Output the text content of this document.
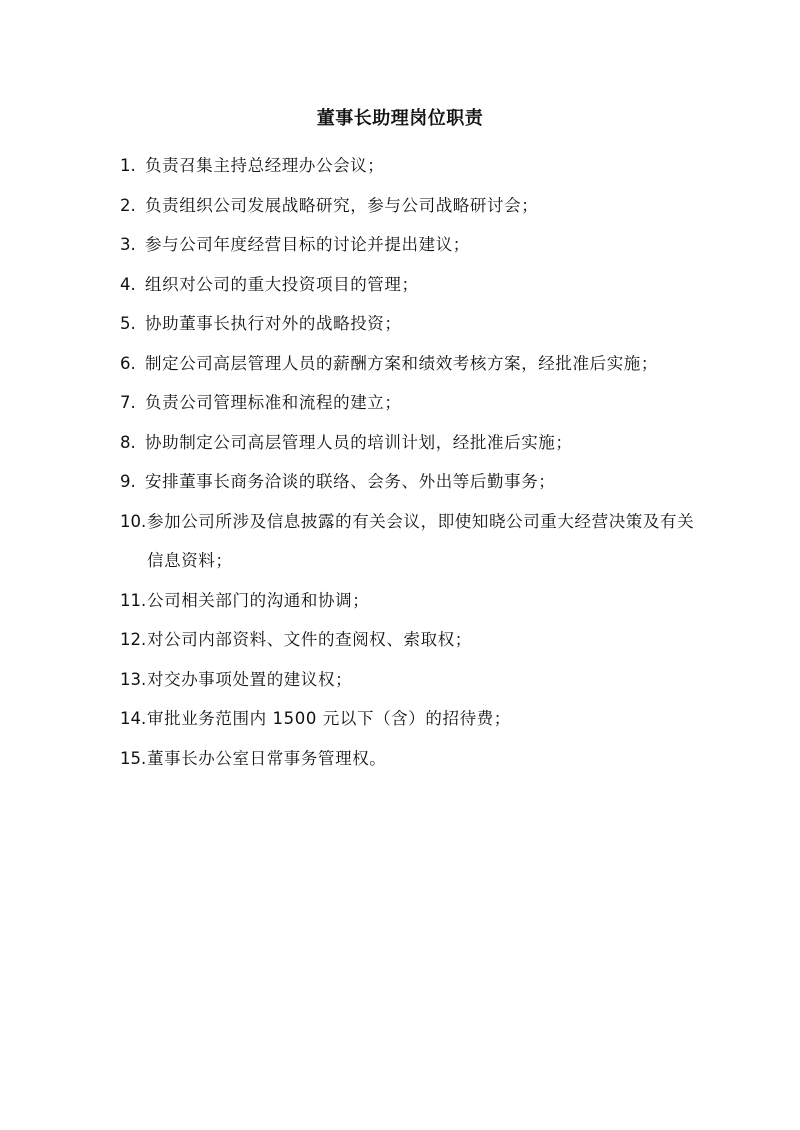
董事长助理岗位职责
1. 负责召集主持总经理办公会议；
2. 负责组织公司发展战略研究，参与公司战略研讨会；
3. 参与公司年度经营目标的讨论并提出建议；
4. 组织对公司的重大投资项目的管理；
5. 协助董事长执行对外的战略投资；
6. 制定公司高层管理人员的薪酬方案和绩效考核方案，经批准后实施；
7. 负责公司管理标准和流程的建立；
8. 协助制定公司高层管理人员的培训计划，经批准后实施；
9. 安排董事长商务洽谈的联络、会务、外出等后勤事务；
10. 参加公司所涉及信息披露的有关会议，即使知晓公司重大经营决策及有关信息资料；
11. 公司相关部门的沟通和协调；
12. 对公司内部资料、文件的查阅权、索取权；
13. 对交办事项处置的建议权；
14. 审批业务范围内 1500 元以下（含）的招待费；
15. 董事长办公室日常事务管理权。
